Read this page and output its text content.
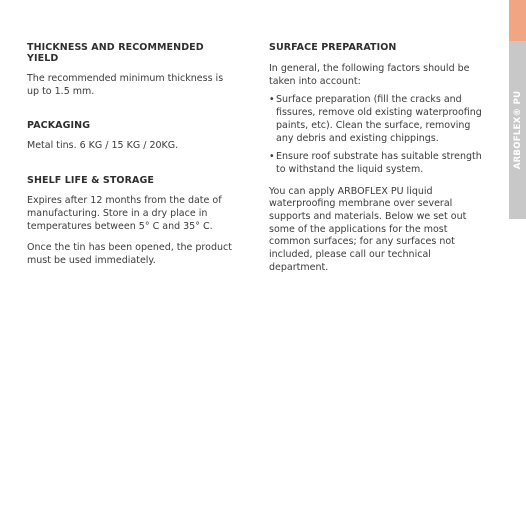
THICKNESS AND RECOMMENDED YIELD

The recommended minimum thickness is up to 1.5 mm.

PACKAGING

Metal tins. 6 KG / 15 KG / 20KG.

SHELF LIFE & STORAGE

Expires after 12 months from the date of manufacturing. Store in a dry place in temperatures between 5° C and 35° C.

Once the tin has been opened, the product must be used immediately.

SURFACE PREPARATION

In general, the following factors should be taken into account:

• Surface preparation (fill the cracks and fissures, remove old existing waterproofing paints, etc). Clean the surface, removing any debris and existing chippings.
• Ensure roof substrate has suitable strength to withstand the liquid system.

You can apply ARBOFLEX PU liquid waterproofing membrane over several supports and materials. Below we set out some of the applications for the most common surfaces; for any surfaces not included, please call our technical department.

ARBOFLEX® PU
